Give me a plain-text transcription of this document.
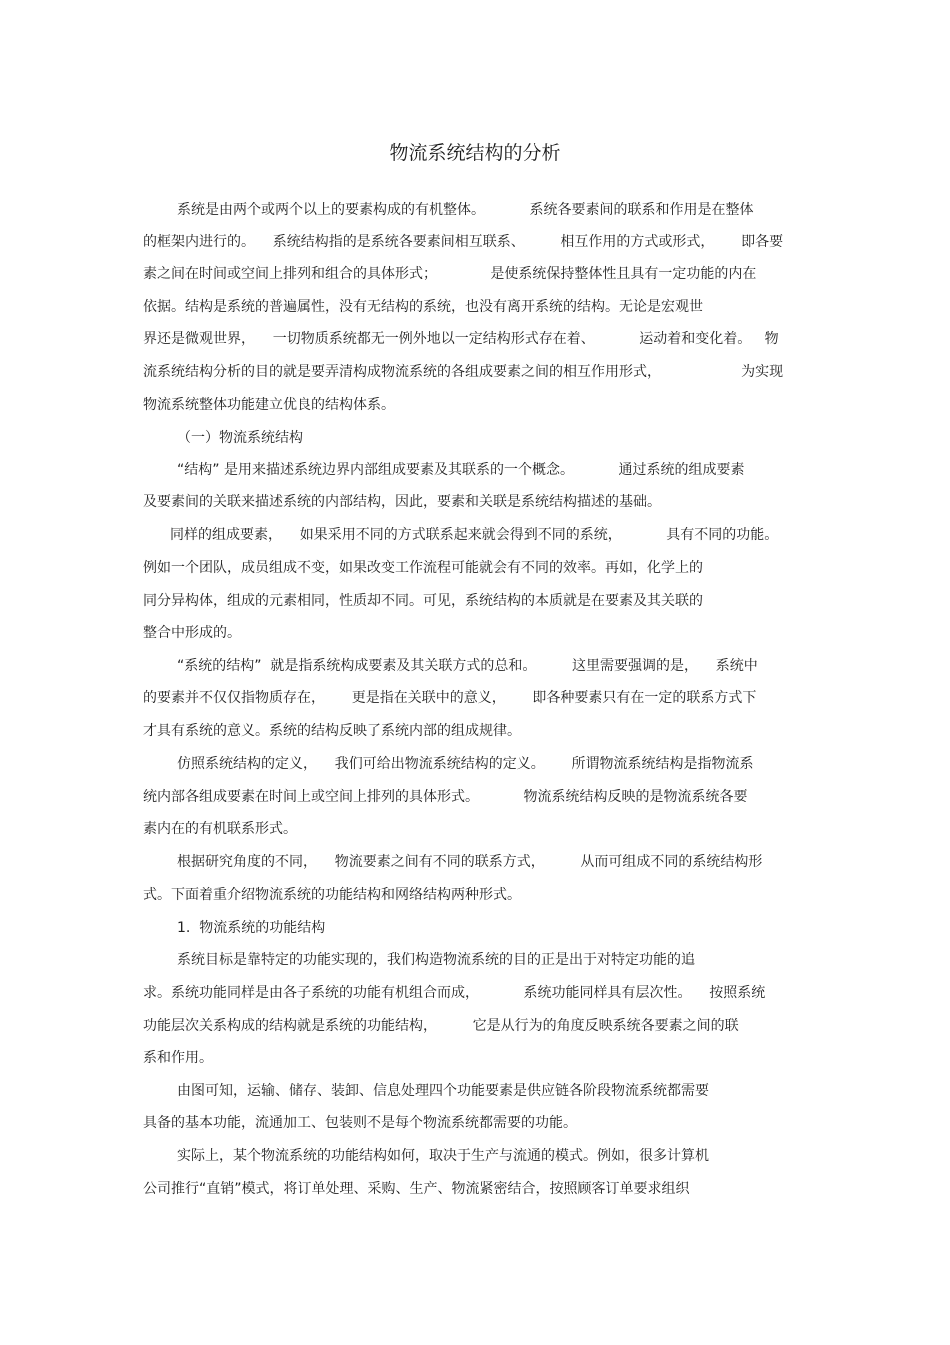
物流系统结构的分析
系统是由两个或两个以上的要素构成的有机整体。          系统各要素间的联系和作用是在整体
的框架内进行的。    系统结构指的是系统各要素间相互联系、        相互作用的方式或形式，      即各要
素之间在时间或空间上排列和组合的具体形式；            是使系统保持整体性且具有一定功能的内在
依据。结构是系统的普遍属性，没有无结构的系统，也没有离开系统的结构。无论是宏观世
界还是微观世界，    一切物质系统都无一例外地以一定结构形式存在着、          运动着和变化着。   物
流系统结构分析的目的就是要弄清构成物流系统的各组成要素之间的相互作用形式，                  为实现
物流系统整体功能建立优良的结构体系。
（一）物流系统结构
“结构” 是用来描述系统边界内部组成要素及其联系的一个概念。          通过系统的组成要素
及要素间的关联来描述系统的内部结构，因此，要素和关联是系统结构描述的基础。
同样的组成要素，    如果采用不同的方式联系起来就会得到不同的系统，          具有不同的功能。
例如一个团队，成员组成不变，如果改变工作流程可能就会有不同的效率。再如，化学上的
同分异构体，组成的元素相同，性质却不同。可见，系统结构的本质就是在要素及其关联的
整合中形成的。
“系统的结构”  就是指系统构成要素及其关联方式的总和。        这里需要强调的是，    系统中
的要素并不仅仅指物质存在，      更是指在关联中的意义，      即各种要素只有在一定的联系方式下
才具有系统的意义。系统的结构反映了系统内部的组成规律。
仿照系统结构的定义，    我们可给出物流系统结构的定义。      所谓物流系统结构是指物流系
统内部各组成要素在时间上或空间上排列的具体形式。          物流系统结构反映的是物流系统各要
素内在的有机联系形式。
根据研究角度的不同，    物流要素之间有不同的联系方式，        从而可组成不同的系统结构形
式。下面着重介绍物流系统的功能结构和网络结构两种形式。
1.  物流系统的功能结构
系统目标是靠特定的功能实现的，我们构造物流系统的目的正是出于对特定功能的追
求。系统功能同样是由各子系统的功能有机组合而成，          系统功能同样具有层次性。    按照系统
功能层次关系构成的结构就是系统的功能结构，        它是从行为的角度反映系统各要素之间的联
系和作用。
由图可知，运输、储存、装卸、信息处理四个功能要素是供应链各阶段物流系统都需要
具备的基本功能，流通加工、包装则不是每个物流系统都需要的功能。
实际上，某个物流系统的功能结构如何，取决于生产与流通的模式。例如，很多计算机
公司推行“直销”模式，将订单处理、采购、生产、物流紧密结合，按照顾客订单要求组织
